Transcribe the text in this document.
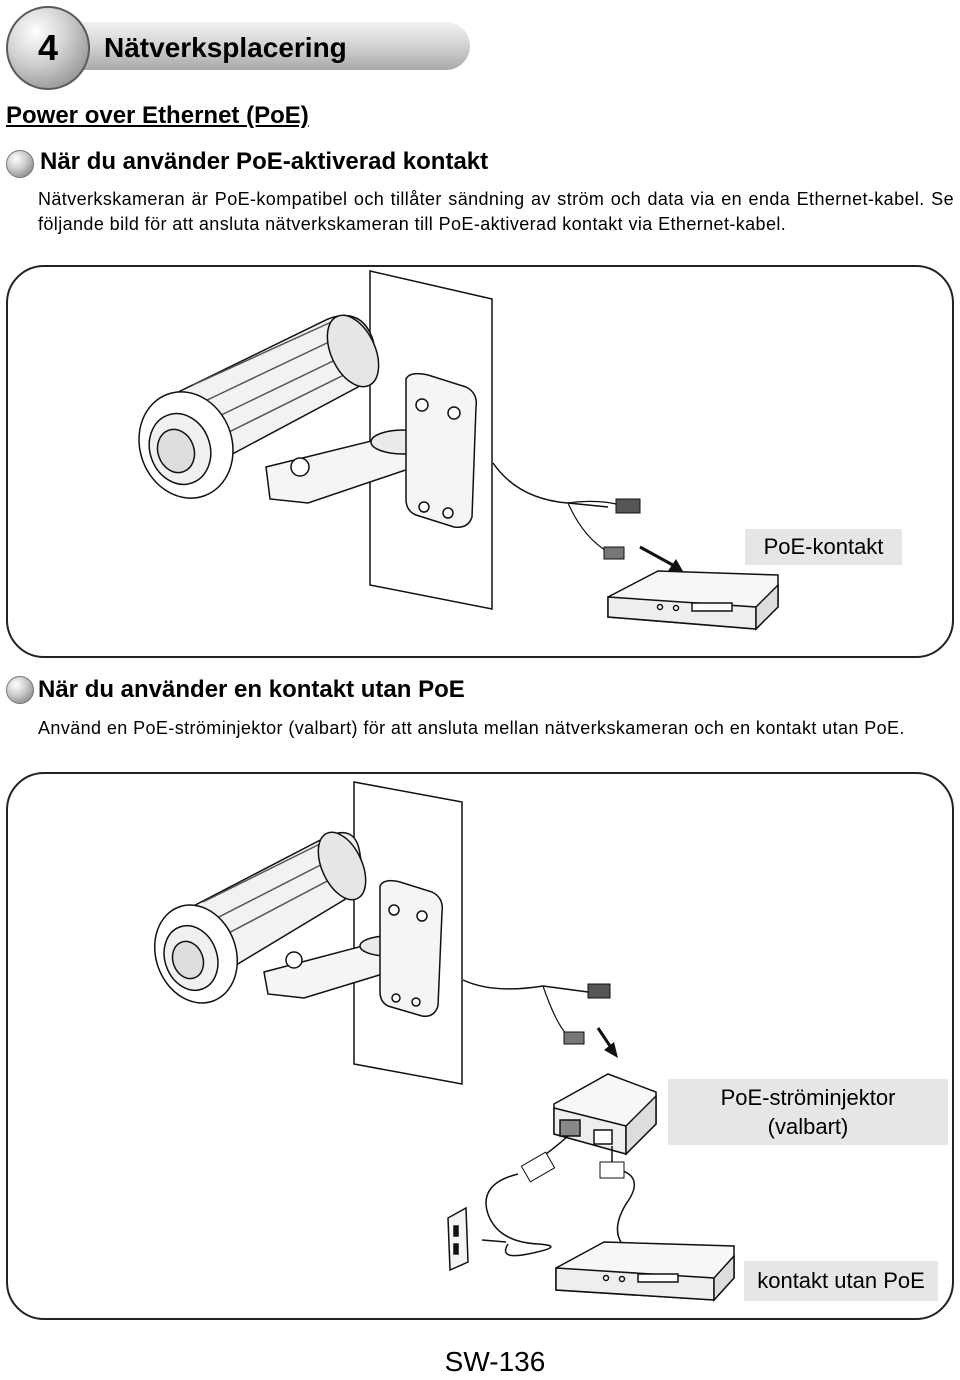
Nätverksplacering
4
Power over Ethernet (PoE)
När du använder PoE-aktiverad kontakt
Nätverkskameran är PoE-kompatibel och tillåter sändning av ström och data via en enda Ethernet-kabel. Se följande bild för att ansluta nätverkskameran till PoE-aktiverad kontakt via Ethernet-kabel.
PoE-kontakt
När du använder en kontakt utan PoE
Använd en PoE-ströminjektor (valbart) för att ansluta mellan nätverkskameran och en kontakt utan PoE.
PoE-ströminjektor
(valbart)
kontakt utan PoE
SW-136
